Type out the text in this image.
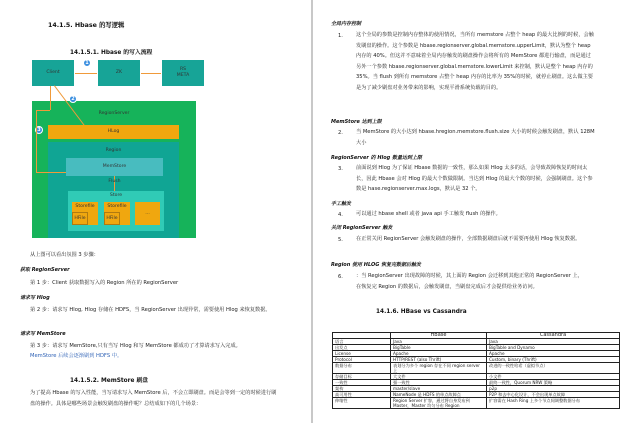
14.1.5. Hbase 的写逻辑
14.1.5.1. Hbase 的写入流程
Client	ZK
RS
META
1
RegionServer
2
HLog
3
Region
MemStore
Flush
Store
Storefile
HFile
Storefile
HFile
…
从上图可以看出氛围 3 步骤：
获取 RegionServer
第 1 步：Client 获取数据写入的 Region 所在的 RegionServer
请求写 Hlog
第 2 步：请求写 Hlog, Hlog 存储在 HDFS，当 RegionServer 出现异常，需要使用 Hlog 来恢复数据。
请求写 MemStore
第 3 步：请求写 MemStore,只有当写 Hlog 和写 MemStore 都成功了才算请求写入完成。
MemStore 后续会逐渐刷到 HDFS 中。
14.1.5.2. MemStore 刷盘
为了提高 Hbase 的写入性能，当写请求写入 MemStore 后，不会立即刷盘。而是会等到一定的时候进行刷盘的操作。具体是哪些场景会触发刷盘的操作呢？总结成如下的几个场景：
全局内存控制
1.	这个全局的参数是控制内存整体的使用情况，当所有 memstore 占整个 heap 的最大比例的时候，会触发刷盘的操作。这个参数是 hbase.regionserver.global.memstore.upperLimit，默认为整个 heap 内存的 40%。但这并不意味着全局内存触发的刷盘操作会将所有的 MemStore 都进行输盘，而是通过另外一个参数 hbase.regionserver.global.memstore.lowerLimit 来控制，默认是整个 heap 内存的 35%。当 flush 到所有 memstore 占整个 heap 内存的比率为 35%的时候，就停止刷盘。这么做主要是为了减少刷盘对业务带来的影响，实现平滑系统负载的目的。
MemStore 达到上限
2.	当 MemStore 的大小达到 hbase.hregion.memstore.flush.size 大小的时候会触发刷盘，默认 128M 大小
RegionServer 的 Hlog 数量达到上限
3.	前面说到 Hlog 为了保证 Hbase 数据的一致性，那么如果 Hlog 太多的话，会导致故障恢复的时间太长，因此 Hbase 会对 Hlog 的最大个数做限制。当达到 Hlog 的最大个数的时候，会强制刷盘。这个参数是 hase.regionserver.max.logs，默认是 32 个。
手工触发
4.	可以通过 hbase shell 或者 java api 手工触发 flush 的操作。
关闭 RegionServer 触发
5.	在正常关闭 RegionServer 会触发刷盘的操作，全部数据刷盘后就不需要再使用 Hlog 恢复数据。
Region 使用 HLOG 恢复完数据后触发
6.	：当 RegionServer 出现故障的时候，其上面的 Region 会迁移到其他正常的 RegionServer 上，在恢复完 Region 的数据后，会触发刷盘，当刷盘完成后才会提供给业务访问。
14.1.6. HBase vs Cassandra
	HBase	Cassandra
语言	Java	Java
出发点	BigTable	BigTable and Dynamo
License	Apache	Apache
Protocol	HTTP/REST (also Thrift)	Custom, binary (Thrift)
数据分布	表划分为多个 region 存在不同 region server 上	改进的一致性哈希（虚拟节点）
存储目标	大文件	小文件
一致性	强一致性	最终一致性，Quorum NRW 策略
架构	master/slave	p2p
高可用性	NameNode 是 HDFS 的单点故障点	P2P 和去中心化设计，不会出现单点故障
伸缩性	Region Server 扩容，通过将自身发布到 Master，Master 均匀分布 Region	扩容需在 Hash Ring 上多个节点间调整数据分布
